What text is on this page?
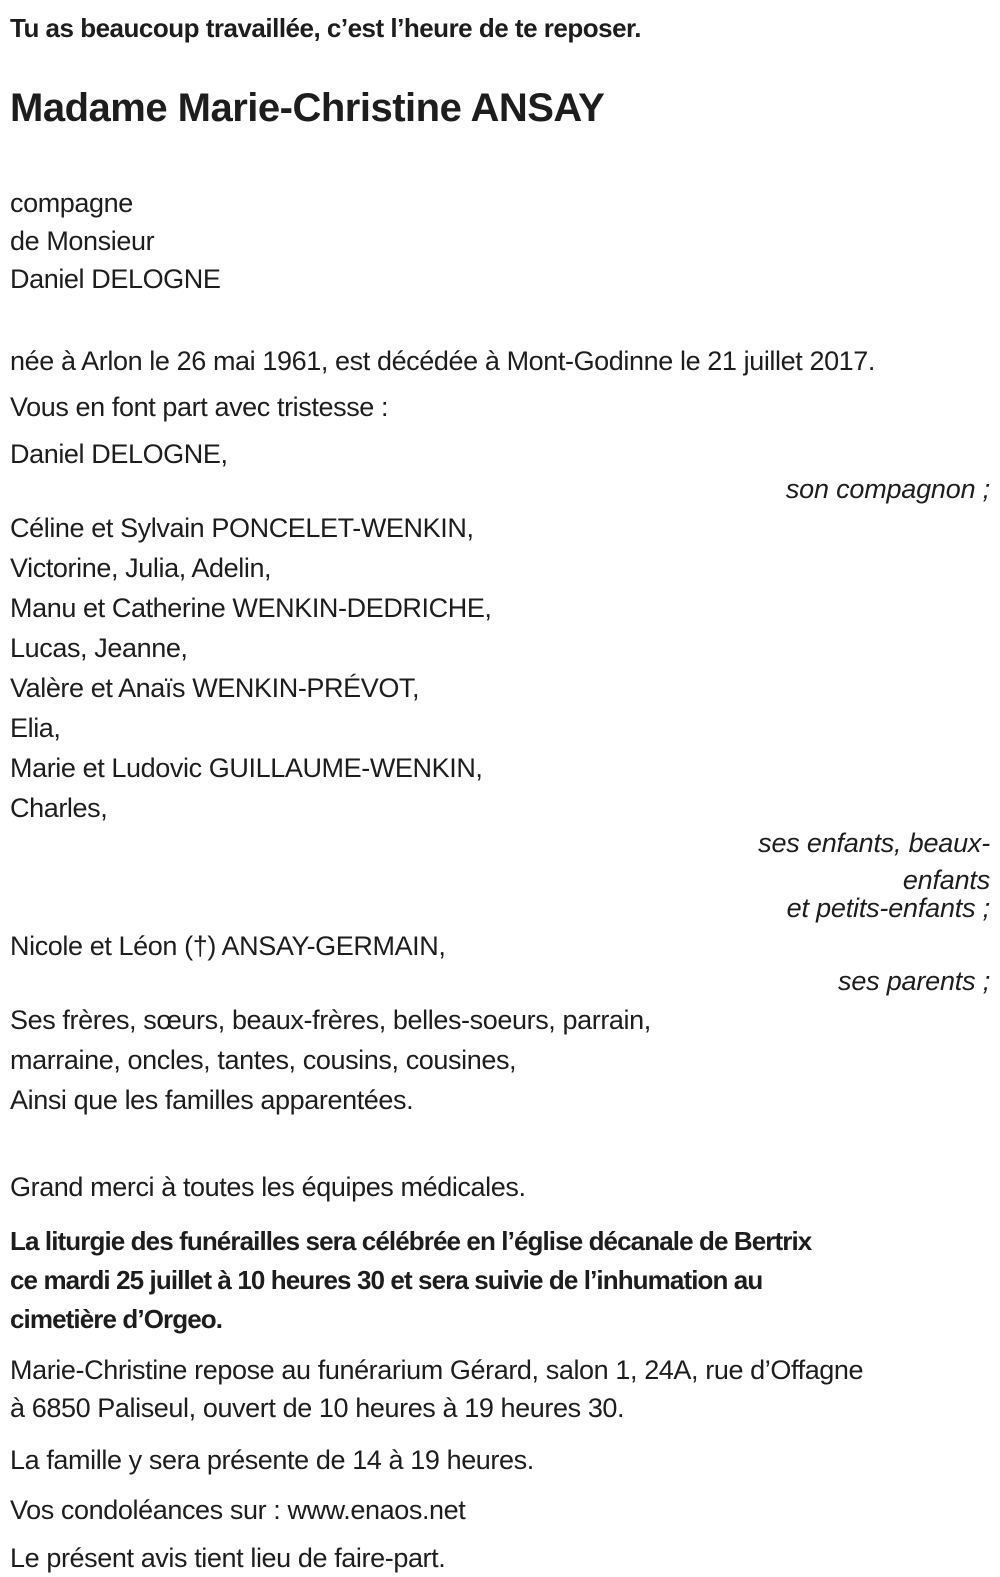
Tu as beaucoup travaillée, c’est l’heure de te reposer.
Madame Marie-Christine ANSAY
compagne
de Monsieur
Daniel DELOGNE
née à Arlon le 26 mai 1961, est décédée à Mont-Godinne le 21 juillet 2017.
Vous en font part avec tristesse :
Daniel DELOGNE,
son compagnon ;
Céline et Sylvain PONCELET-WENKIN,
Victorine, Julia, Adelin,
Manu et Catherine WENKIN-DEDRICHE,
Lucas, Jeanne,
Valère et Anaïs WENKIN-PRÉVOT,
Elia,
Marie et Ludovic GUILLAUME-WENKIN,
Charles,
ses enfants, beaux-
enfants
et petits-enfants ;
Nicole et Léon (†) ANSAY-GERMAIN,
ses parents ;
Ses frères, sœurs, beaux-frères, belles-soeurs, parrain,
marraine, oncles, tantes, cousins, cousines,
Ainsi que les familles apparentées.
Grand merci à toutes les équipes médicales.
La liturgie des funérailles sera célébrée en l’église décanale de Bertrix
ce mardi 25 juillet à 10 heures 30 et sera suivie de l’inhumation au
cimetière d’Orgeo.
Marie-Christine repose au funérarium Gérard, salon 1, 24A, rue d’Offagne
à 6850 Paliseul, ouvert de 10 heures à 19 heures 30.
La famille y sera présente de 14 à 19 heures.
Vos condoléances sur : www.enaos.net
Le présent avis tient lieu de faire-part.
